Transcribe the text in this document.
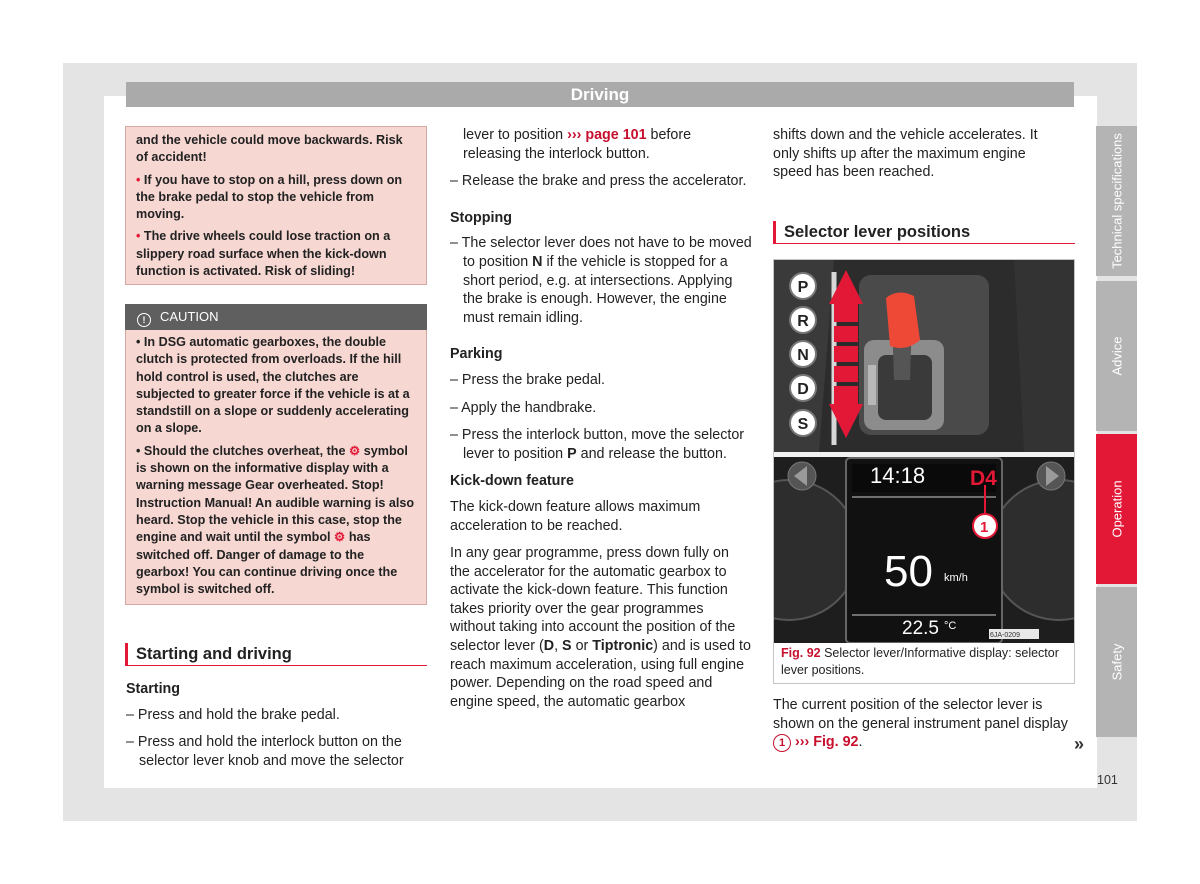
Driving

and the vehicle could move backwards. Risk of accident!

• If you have to stop on a hill, press down on the brake pedal to stop the vehicle from moving.

• The drive wheels could lose traction on a slippery road surface when the kick-down function is activated. Risk of sliding!

! CAUTION

• In DSG automatic gearboxes, the double clutch is protected from overloads. If the hill hold control is used, the clutches are subjected to greater force if the vehicle is at a standstill on a slope or suddenly accelerating on a slope.

• Should the clutches overheat, the ⚙ symbol is shown on the informative display with a warning message Gear overheated. Stop! Instruction Manual! An audible warning is also heard. Stop the vehicle in this case, stop the engine and wait until the symbol ⚙ has switched off. Danger of damage to the gearbox! You can continue driving once the symbol is switched off.

Starting and driving

Starting

– Press and hold the brake pedal.

– Press and hold the interlock button on the selector lever knob and move the selector

lever to position ››› page 101 before releasing the interlock button.

– Release the brake and press the accelerator.

Stopping

– The selector lever does not have to be moved to position N if the vehicle is stopped for a short period, e.g. at intersections. Applying the brake is enough. However, the engine must remain idling.

Parking

– Press the brake pedal.

– Apply the handbrake.

– Press the interlock button, move the selector lever to position P and release the button.

Kick-down feature

The kick-down feature allows maximum acceleration to be reached.

In any gear programme, press down fully on the accelerator for the automatic gearbox to activate the kick-down feature. This function takes priority over the gear programmes without taking into account the position of the selector lever (D, S or Tiptronic) and is used to reach maximum acceleration, using full engine power. Depending on the road speed and engine speed, the automatic gearbox

shifts down and the vehicle accelerates. It only shifts up after the maximum engine speed has been reached.

Selector lever positions
P
R
N
D
S
14:18 D4
1
50 km/h
22.5 °C
6JA-0209
Fig. 92 Selector lever/Informative display: selector lever positions.

The current position of the selector lever is shown on the general instrument panel display 1 ››› Fig. 92.	»
Technical specifications
Advice
Operation
Safety
101
